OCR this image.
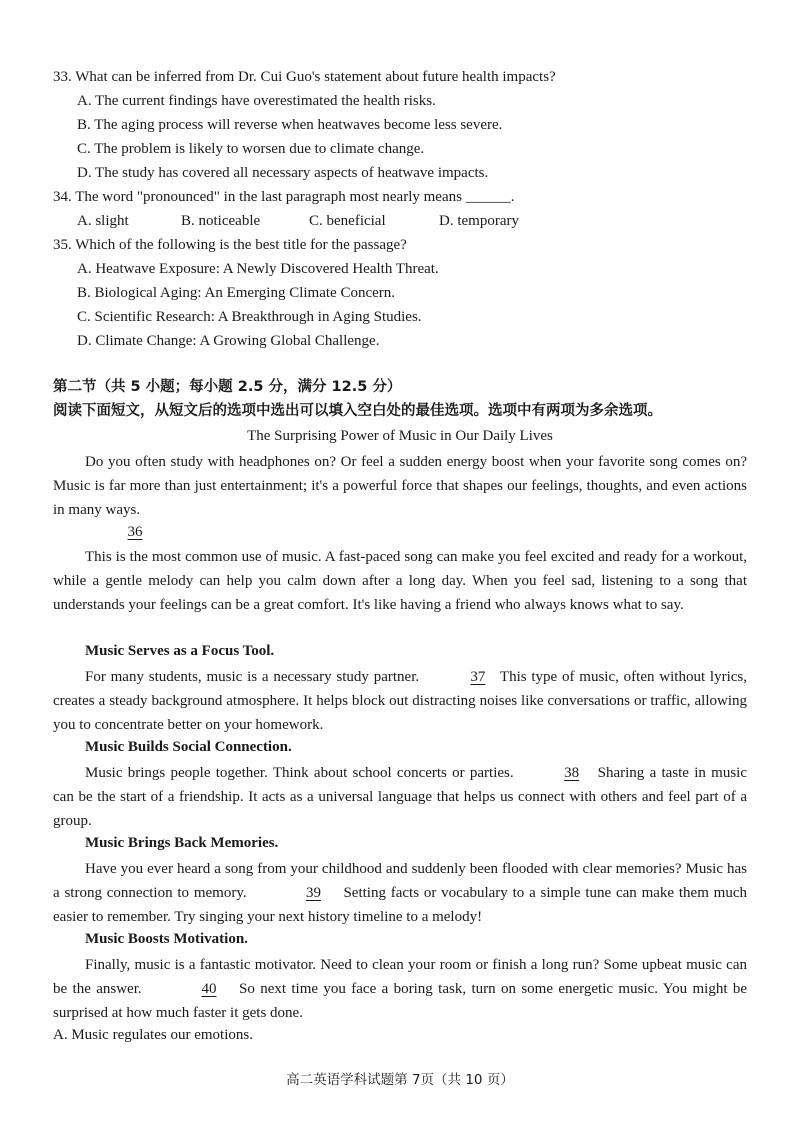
33. What can be inferred from Dr. Cui Guo's statement about future health impacts?
A. The current findings have overestimated the health risks.
B. The aging process will reverse when heatwaves become less severe.
C. The problem is likely to worsen due to climate change.
D. The study has covered all necessary aspects of heatwave impacts.
34. The word "pronounced" in the last paragraph most nearly means ______.
A. slight	B. noticeable	C. beneficial	D. temporary
35. Which of the following is the best title for the passage?
A. Heatwave Exposure: A Newly Discovered Health Threat.
B. Biological Aging: An Emerging Climate Concern.
C. Scientific Research: A Breakthrough in Aging Studies.
D. Climate Change: A Growing Global Challenge.
第二节（共 5 小题；每小题 2.5 分，满分 12.5 分）
阅读下面短文，从短文后的选项中选出可以填入空白处的最佳选项。选项中有两项为多余选项。
The Surprising Power of Music in Our Daily Lives
Do you often study with headphones on? Or feel a sudden energy boost when your favorite song comes on? Music is far more than just entertainment; it's a powerful force that shapes our feelings, thoughts, and even actions in many ways.
36
This is the most common use of music. A fast-paced song can make you feel excited and ready for a workout, while a gentle melody can help you calm down after a long day. When you feel sad, listening to a song that understands your feelings can be a great comfort. It's like having a friend who always knows what to say.
Music Serves as a Focus Tool.
For many students, music is a necessary study partner.	37 This type of music, often without lyrics, creates a steady background atmosphere. It helps block out distracting noises like conversations or traffic, allowing you to concentrate better on your homework.
Music Builds Social Connection.
Music brings people together. Think about school concerts or parties.	38 Sharing a taste in music can be the start of a friendship. It acts as a universal language that helps us connect with others and feel part of a group.
Music Brings Back Memories.
Have you ever heard a song from your childhood and suddenly been flooded with clear memories? Music has a strong connection to memory.	39 Setting facts or vocabulary to a simple tune can make them much easier to remember. Try singing your next history timeline to a melody!
Music Boosts Motivation.
Finally, music is a fantastic motivator. Need to clean your room or finish a long run? Some upbeat music can be the answer.	40 So next time you face a boring task, turn on some energetic music. You might be surprised at how much faster it gets done.
A. Music regulates our emotions.
高二英语学科试题第 7页（共 10 页）
